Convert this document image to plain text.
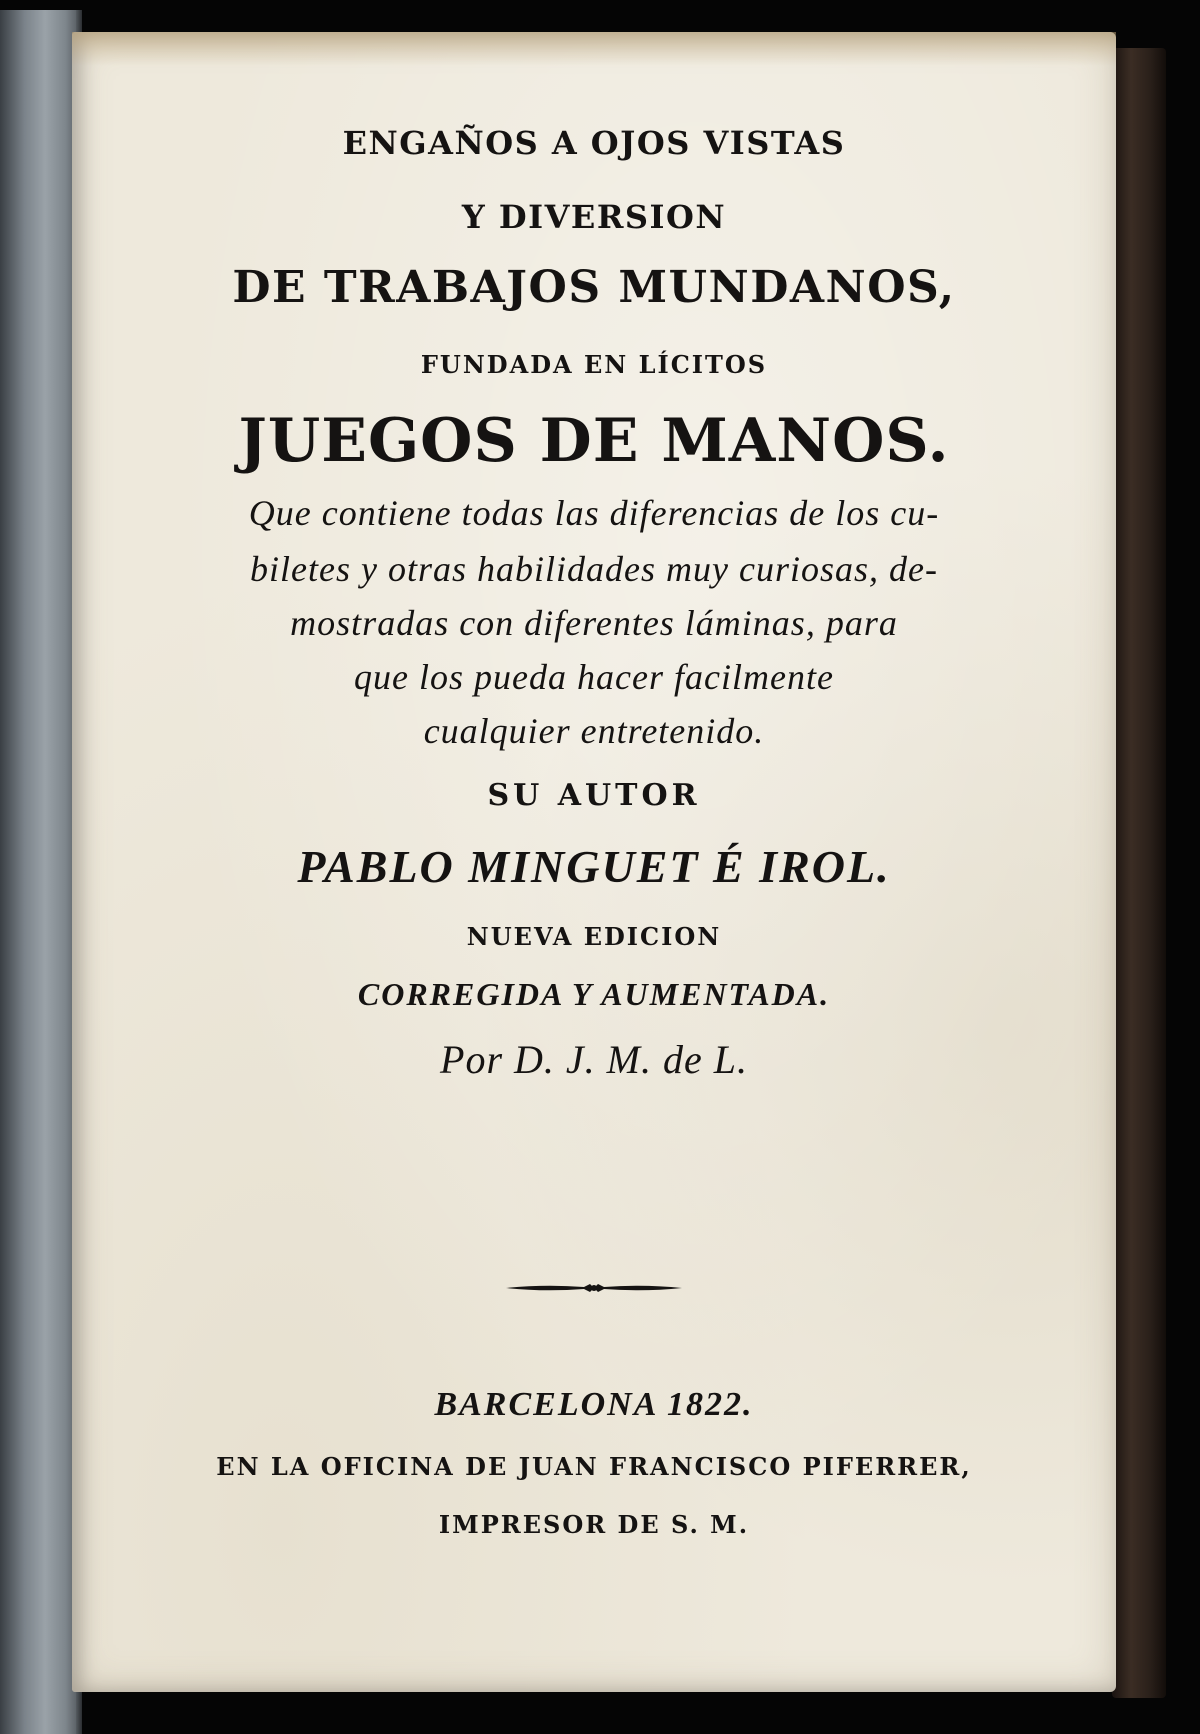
ENGAÑOS A OJOS VISTAS
Y DIVERSION
DE TRABAJOS MUNDANOS,
FUNDADA EN LÍCITOS
JUEGOS DE MANOS.
Que contiene todas las diferencias de los cu-
biletes y otras habilidades muy curiosas, de-
mostradas con diferentes láminas, para
que los pueda hacer facilmente
cualquier entretenido.
SU AUTOR
PABLO MINGUET É IROL.
NUEVA EDICION
CORREGIDA Y AUMENTADA.
Por D. J. M. de L.
BARCELONA 1822.
EN LA OFICINA DE JUAN FRANCISCO PIFERRER,
IMPRESOR DE S. M.
